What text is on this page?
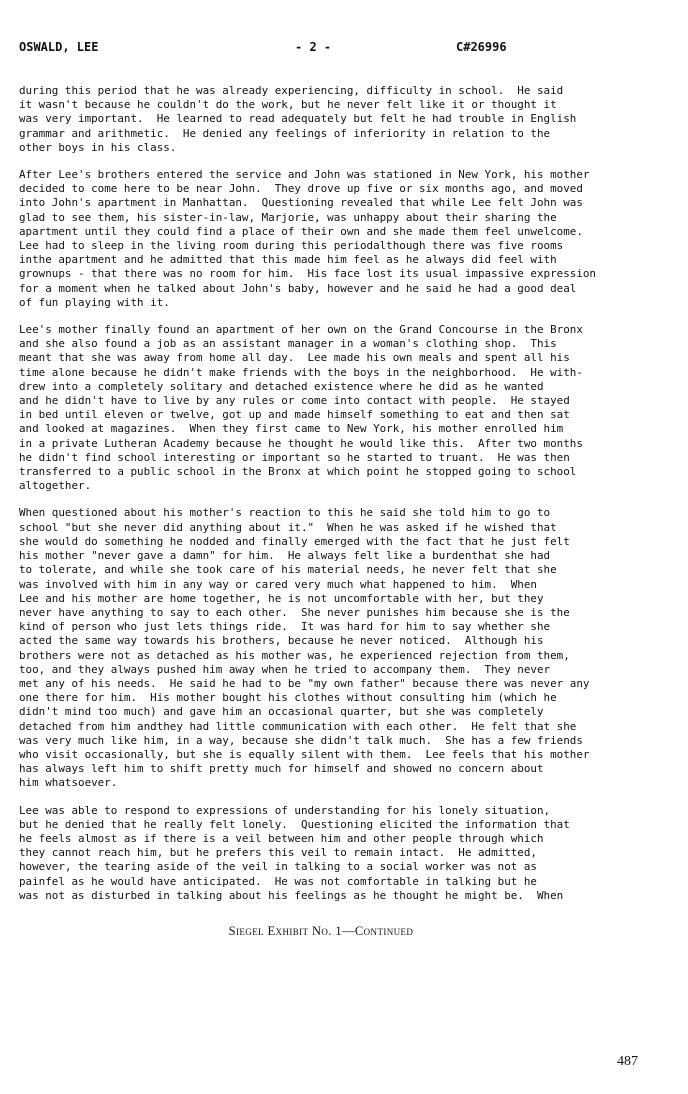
OSWALD, LEE	- 2 -	C#26996

during this period that he was already experiencing, difficulty in school.  He said
it wasn't because he couldn't do the work, but he never felt like it or thought it
was very important.  He learned to read adequately but felt he had trouble in English
grammar and arithmetic.  He denied any feelings of inferiority in relation to the
other boys in his class.

After Lee's brothers entered the service and John was stationed in New York, his mother
decided to come here to be near John.  They drove up five or six months ago, and moved
into John's apartment in Manhattan.  Questioning revealed that while Lee felt John was
glad to see them, his sister-in-law, Marjorie, was unhappy about their sharing the
apartment until they could find a place of their own and she made them feel unwelcome.
Lee had to sleep in the living room during this periodalthough there was five rooms
inthe apartment and he admitted that this made him feel as he always did feel with
grownups - that there was no room for him.  His face lost its usual impassive expression
for a moment when he talked about John's baby, however and he said he had a good deal
of fun playing with it.

Lee's mother finally found an apartment of her own on the Grand Concourse in the Bronx
and she also found a job as an assistant manager in a woman's clothing shop.  This
meant that she was away from home all day.  Lee made his own meals and spent all his
time alone because he didn't make friends with the boys in the neighborhood.  He with-
drew into a completely solitary and detached existence where he did as he wanted
and he didn't have to live by any rules or come into contact with people.  He stayed
in bed until eleven or twelve, got up and made himself something to eat and then sat
and looked at magazines.  When they first came to New York, his mother enrolled him
in a private Lutheran Academy because he thought he would like this.  After two months
he didn't find school interesting or important so he started to truant.  He was then
transferred to a public school in the Bronx at which point he stopped going to school
altogether.

When questioned about his mother's reaction to this he said she told him to go to
school "but she never did anything about it."  When he was asked if he wished that
she would do something he nodded and finally emerged with the fact that he just felt
his mother "never gave a damn" for him.  He always felt like a burdenthat she had
to tolerate, and while she took care of his material needs, he never felt that she
was involved with him in any way or cared very much what happened to him.  When
Lee and his mother are home together, he is not uncomfortable with her, but they
never have anything to say to each other.  She never punishes him because she is the
kind of person who just lets things ride.  It was hard for him to say whether she
acted the same way towards his brothers, because he never noticed.  Although his
brothers were not as detached as his mother was, he experienced rejection from them,
too, and they always pushed him away when he tried to accompany them.  They never
met any of his needs.  He said he had to be "my own father" because there was never any
one there for him.  His mother bought his clothes without consulting him (which he
didn't mind too much) and gave him an occasional quarter, but she was completely
detached from him andthey had little communication with each other.  He felt that she
was very much like him, in a way, because she didn't talk much.  She has a few friends
who visit occasionally, but she is equally silent with them.  Lee feels that his mother
has always left him to shift pretty much for himself and showed no concern about
him whatsoever.

Lee was able to respond to expressions of understanding for his lonely situation,
but he denied that he really felt lonely.  Questioning elicited the information that
he feels almost as if there is a veil between him and other people through which
they cannot reach him, but he prefers this veil to remain intact.  He admitted,
however, the tearing aside of the veil in talking to a social worker was not as
painfel as he would have anticipated.  He was not comfortable in talking but he
was not as disturbed in talking about his feelings as he thought he might be.  When

Siegel Exhibit No. 1—Continued
487
